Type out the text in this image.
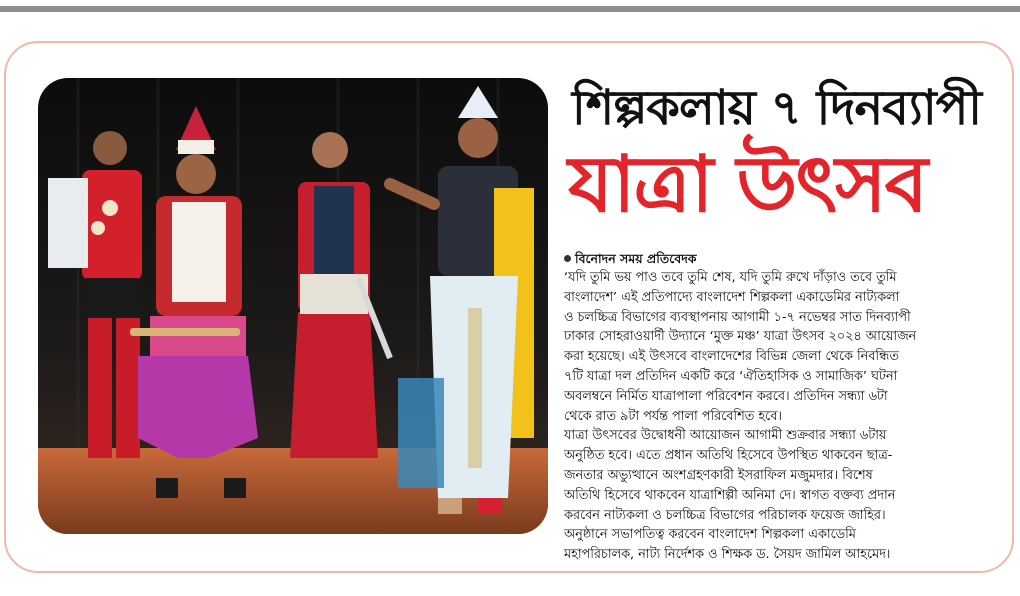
শিল্পকলায় ৭ দিনব্যাপী
যাত্রা উৎসব
বিনোদন সময় প্রতিবেদক

‘যদি তুমি ভয় পাও তবে তুমি শেষ, যদি তুমি রুখে দাঁড়াও তবে তুমি

বাংলাদেশ’ এই প্রতিপাদ্যে বাংলাদেশ শিল্পকলা একাডেমির নাট্যকলা

ও চলচ্চিত্র বিভাগের ব্যবস্থাপনায় আগামী ১-৭ নভেম্বর সাত দিনব্যাপী

ঢাকার সোহরাওয়ার্দী উদ্যানে ‘মুক্ত মঞ্চ’ যাত্রা উৎসব ২০২৪ আয়োজন

করা হয়েছে। এই উৎসবে বাংলাদেশের বিভিন্ন জেলা থেকে নিবন্ধিত

৭টি যাত্রা দল প্রতিদিন একটি করে ‘ঐতিহাসিক ও সামাজিক’ ঘটনা

অবলম্বনে নির্মিত যাত্রাপালা পরিবেশন করবে। প্রতিদিন সন্ধ্যা ৬টা

থেকে রাত ৯টা পর্যন্ত পালা পরিবেশিত হবে।

যাত্রা উৎসবের উদ্বোধনী আয়োজন আগামী শুক্রবার সন্ধ্যা ৬টায়

অনুষ্ঠিত হবে। এতে প্রধান অতিথি হিসেবে উপস্থিত থাকবেন ছাত্র-

জনতার অভ্যুত্থানে অংশগ্রহণকারী ইসরাফিল মজুমদার। বিশেষ

অতিথি হিসেবে থাকবেন যাত্রাশিল্পী অনিমা দে। স্বাগত বক্তব্য প্রদান

করবেন নাট্যকলা ও চলচ্চিত্র বিভাগের পরিচালক ফয়েজ জাহির।

অনুষ্ঠানে সভাপতিত্ব করবেন বাংলাদেশ শিল্পকলা একাডেমি

মহাপরিচালক, নাট্য নির্দেশক ও শিক্ষক ড. সৈয়দ জামিল আহমেদ।
